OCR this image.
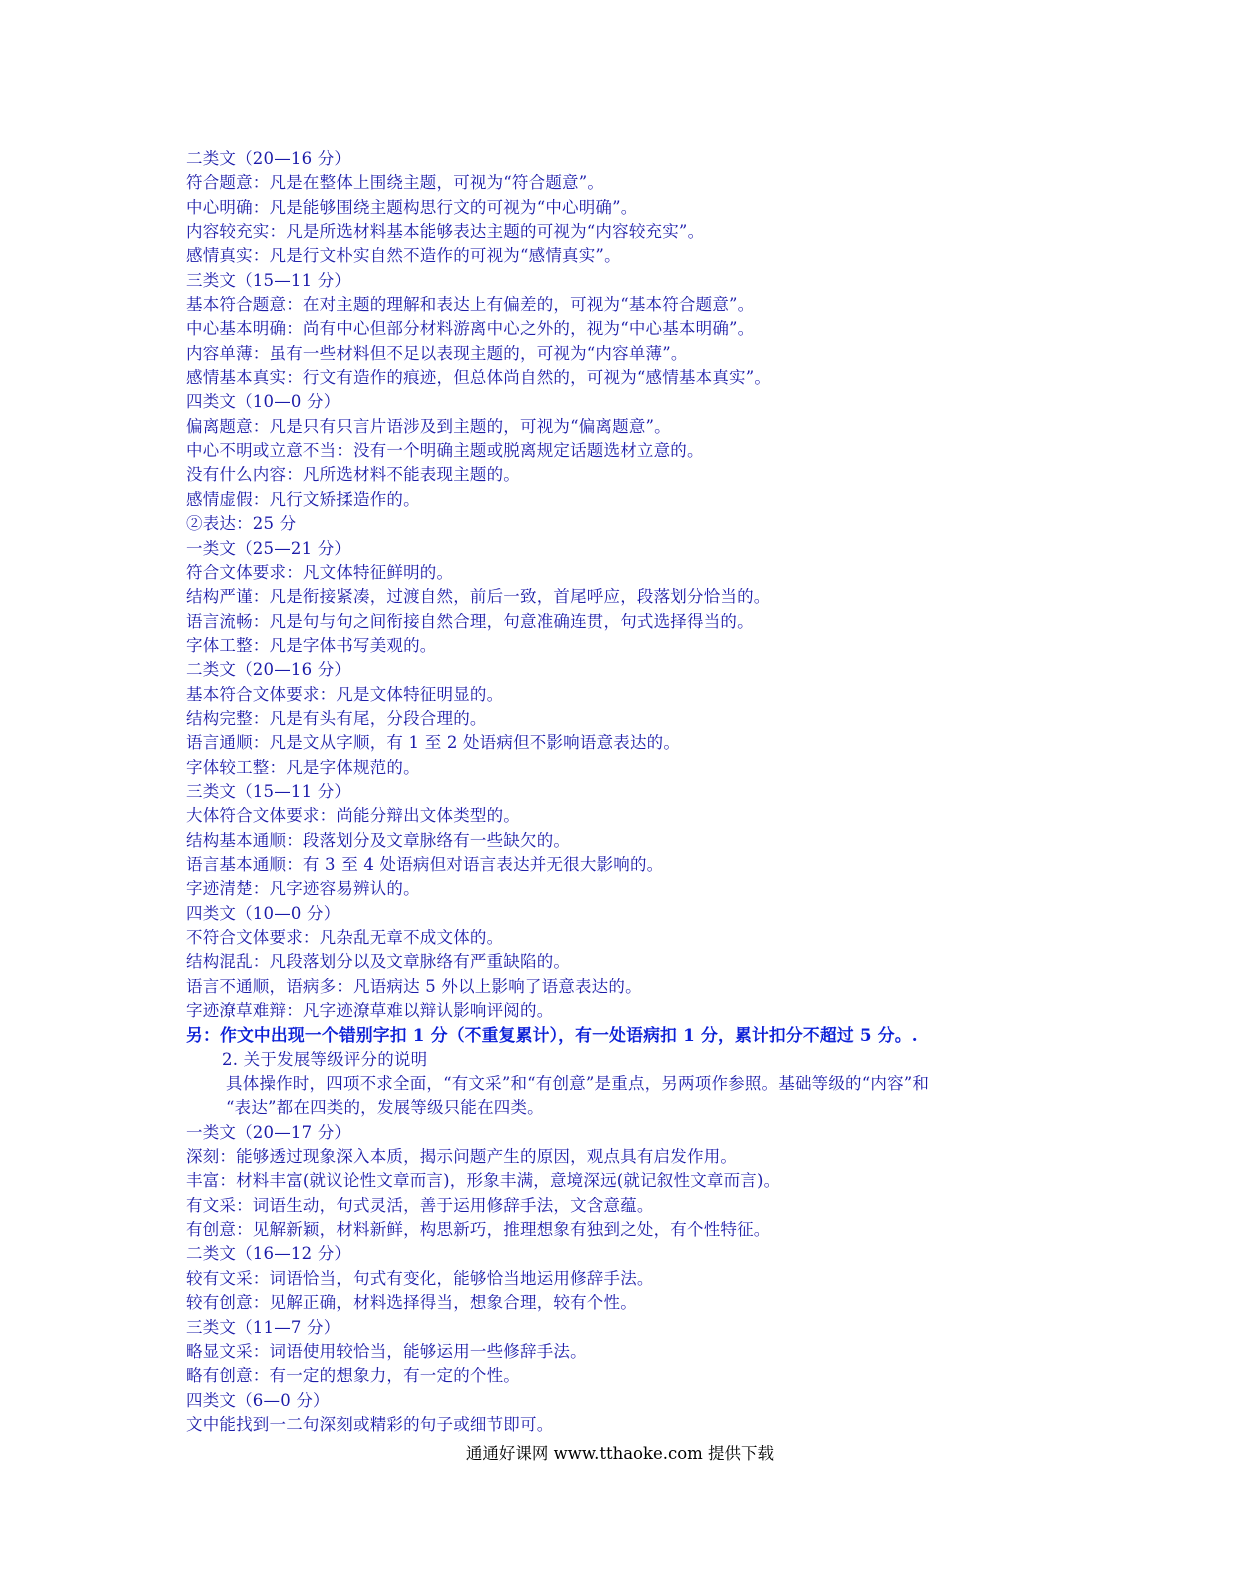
二类文（20—16 分）
符合题意：凡是在整体上围绕主题，可视为“符合题意”。
中心明确：凡是能够围绕主题构思行文的可视为“中心明确”。
内容较充实：凡是所选材料基本能够表达主题的可视为“内容较充实”。
感情真实：凡是行文朴实自然不造作的可视为“感情真实”。
三类文（15—11 分）
基本符合题意：在对主题的理解和表达上有偏差的，可视为“基本符合题意”。
中心基本明确：尚有中心但部分材料游离中心之外的，视为“中心基本明确”。
内容单薄：虽有一些材料但不足以表现主题的，可视为“内容单薄”。
感情基本真实：行文有造作的痕迹，但总体尚自然的，可视为“感情基本真实”。
四类文（10—0 分）
偏离题意：凡是只有只言片语涉及到主题的，可视为“偏离题意”。
中心不明或立意不当：没有一个明确主题或脱离规定话题选材立意的。
没有什么内容：凡所选材料不能表现主题的。
感情虚假：凡行文矫揉造作的。
②表达：25 分
一类文（25—21 分）
符合文体要求：凡文体特征鲜明的。
结构严谨：凡是衔接紧凑，过渡自然，前后一致，首尾呼应，段落划分恰当的。
语言流畅：凡是句与句之间衔接自然合理，句意准确连贯，句式选择得当的。
字体工整：凡是字体书写美观的。
二类文（20—16 分）
基本符合文体要求：凡是文体特征明显的。
结构完整：凡是有头有尾，分段合理的。
语言通顺：凡是文从字顺，有 1 至 2 处语病但不影响语意表达的。
字体较工整：凡是字体规范的。
三类文（15—11 分）
大体符合文体要求：尚能分辩出文体类型的。
结构基本通顺：段落划分及文章脉络有一些缺欠的。
语言基本通顺：有 3 至 4 处语病但对语言表达并无很大影响的。
字迹清楚：凡字迹容易辨认的。
四类文（10—0 分）
不符合文体要求：凡杂乱无章不成文体的。
结构混乱：凡段落划分以及文章脉络有严重缺陷的。
语言不通顺，语病多：凡语病达 5 外以上影响了语意表达的。
字迹潦草难辩：凡字迹潦草难以辩认影响评阅的。
另：作文中出现一个错别字扣 1 分（不重复累计），有一处语病扣 1 分，累计扣分不超过 5 分。.
2. 关于发展等级评分的说明
具体操作时，四项不求全面，“有文采”和“有创意”是重点，另两项作参照。基础等级的“内容”和
“表达”都在四类的，发展等级只能在四类。
一类文（20—17 分）
深刻：能够透过现象深入本质，揭示问题产生的原因，观点具有启发作用。
丰富：材料丰富(就议论性文章而言)，形象丰满，意境深远(就记叙性文章而言)。
有文采：词语生动，句式灵活，善于运用修辞手法，文含意蕴。
有创意：见解新颖，材料新鲜，构思新巧，推理想象有独到之处，有个性特征。
二类文（16—12 分）
较有文采：词语恰当，句式有变化，能够恰当地运用修辞手法。
较有创意：见解正确，材料选择得当，想象合理，较有个性。
三类文（11—7 分）
略显文采：词语使用较恰当，能够运用一些修辞手法。
略有创意：有一定的想象力，有一定的个性。
四类文（6—0 分）
文中能找到一二句深刻或精彩的句子或细节即可。
通通好课网 www.tthaoke.com 提供下载
